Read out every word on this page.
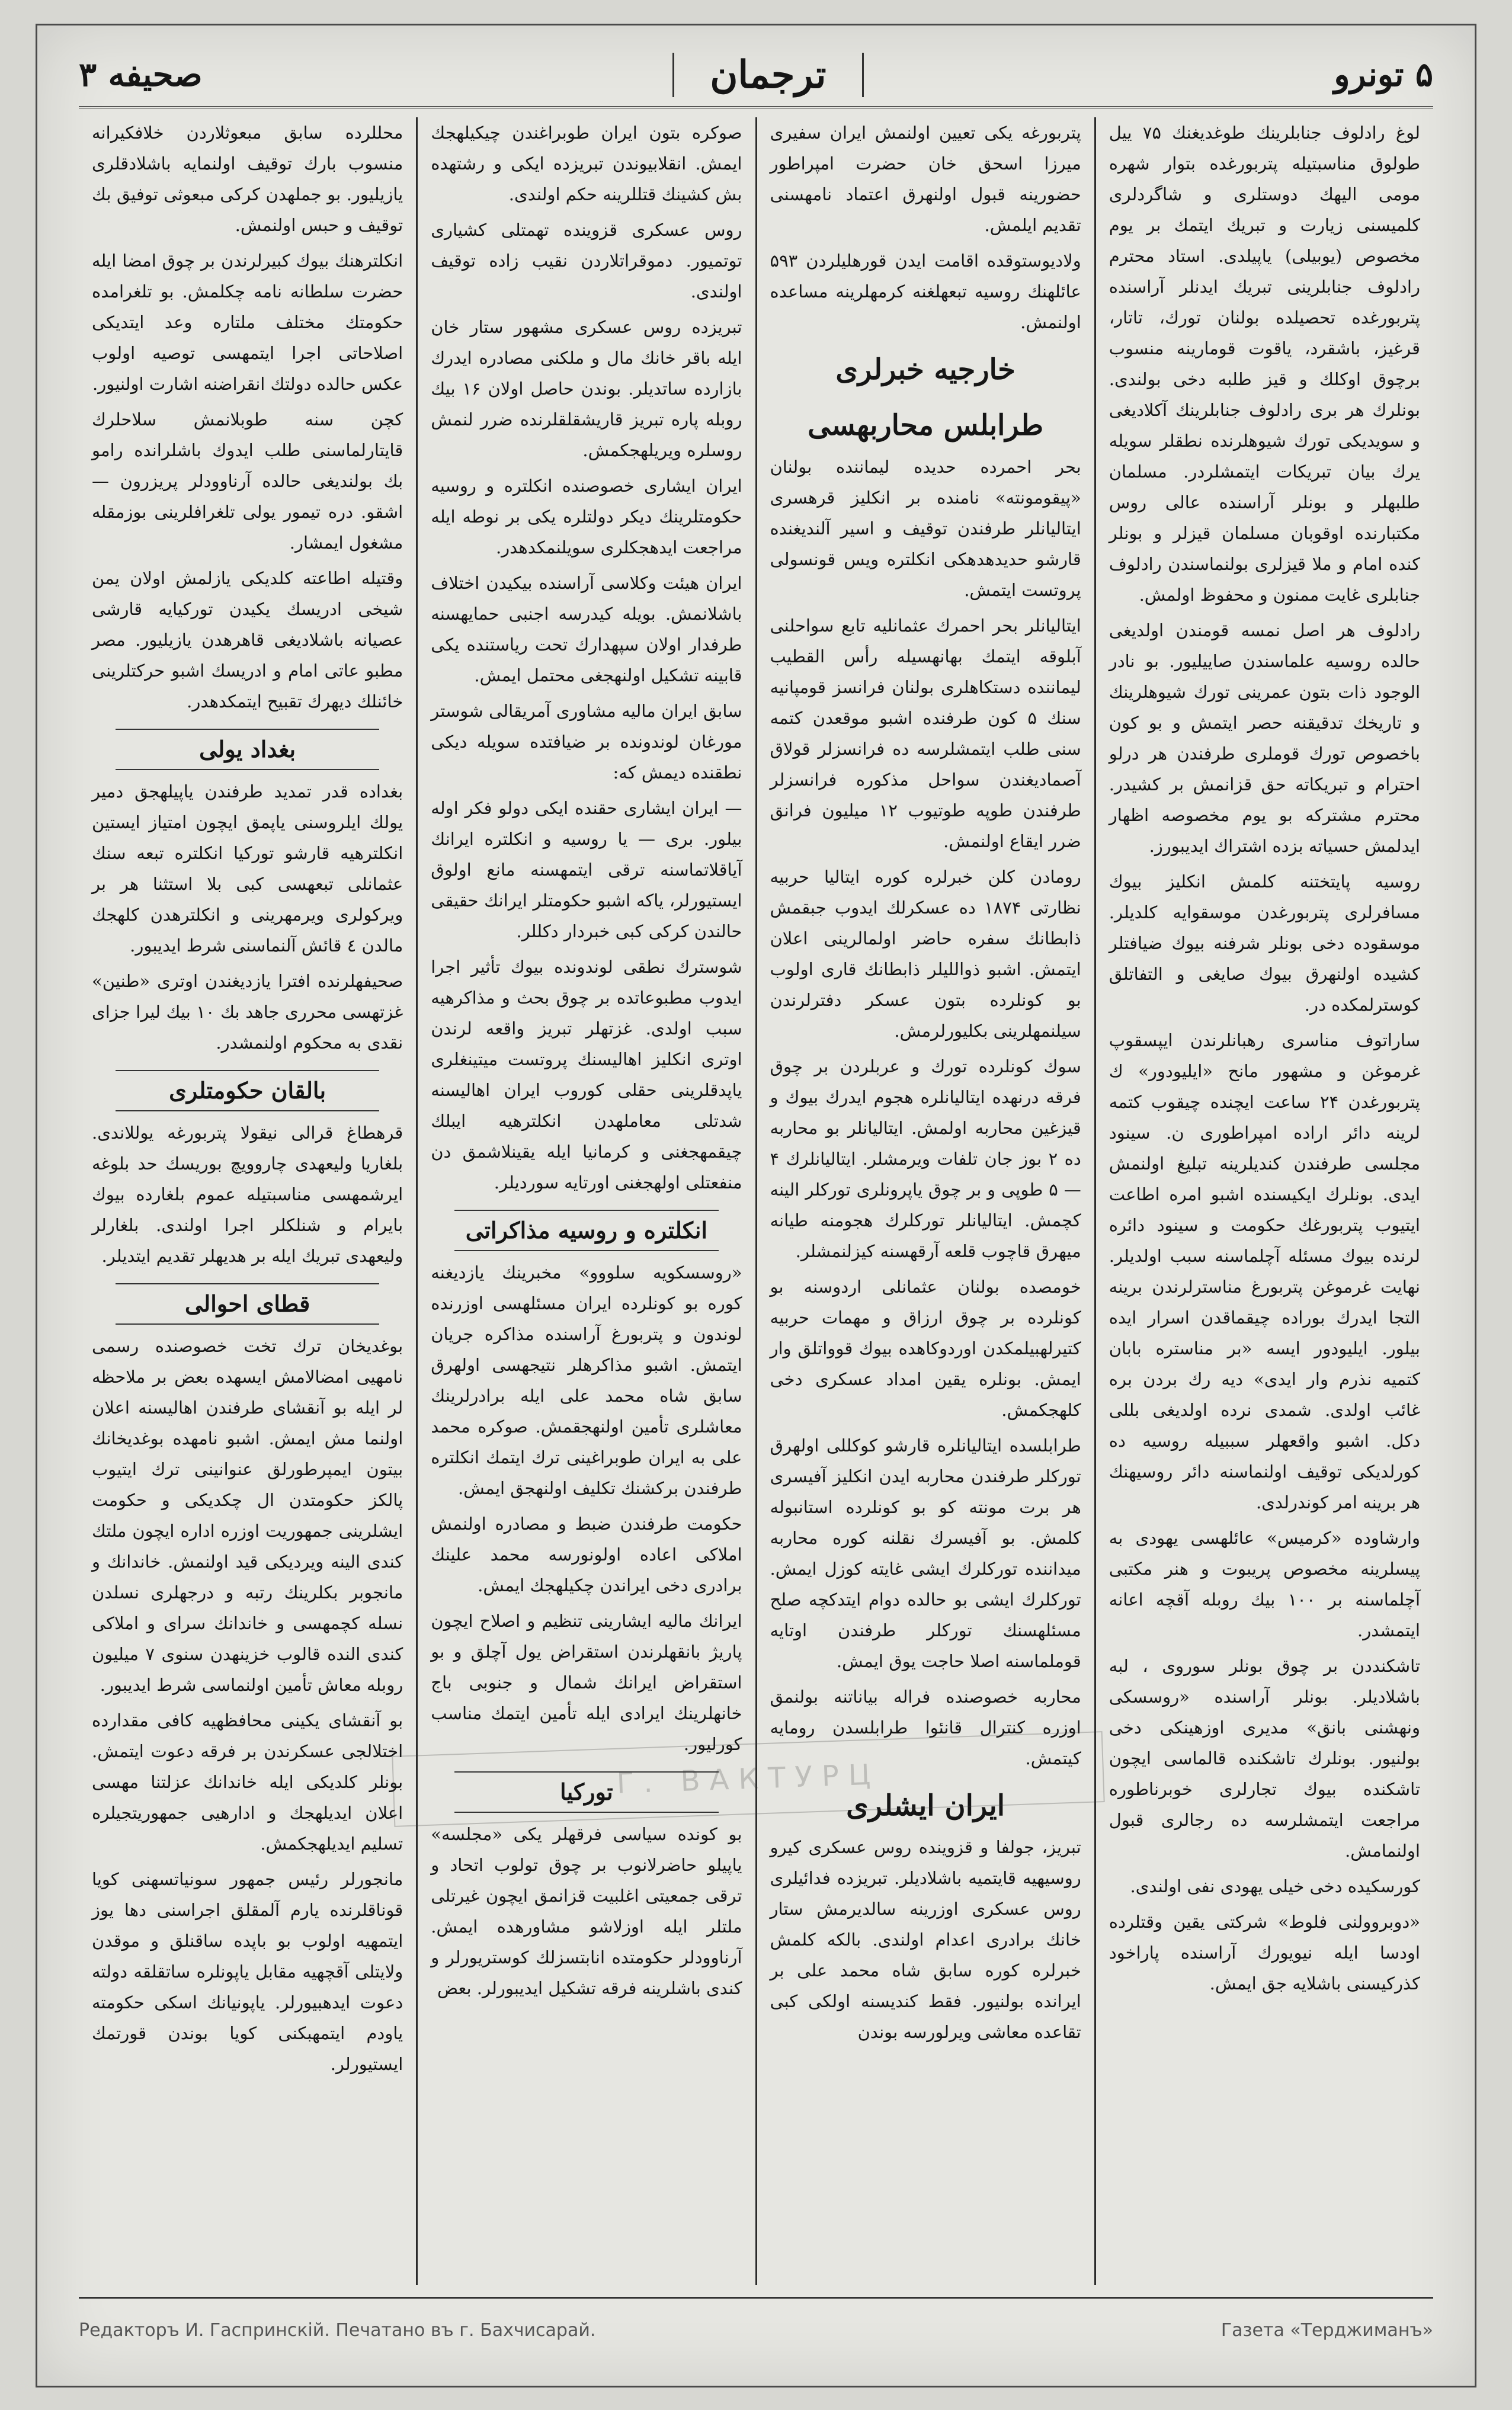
صحیفه ۳	ترجمان	۵ تونرو
لوغ رادلوف جنابلرینك طوغدیغنك ۷۵ ییل طولوق مناسبتیله پتربورغده بتوار شهره مومی الیهك دوستلری و شاگردلری کلمیسنی زیارت و تبریك ایتمك بر یوم مخصوص (یوبیلی) یاپیلدی. استاد محترم رادلوف جنابلرینی تبریك ایدنلر آراسنده پتربورغده تحصیلده بولنان تورك، تاتار، قرغیز، باشقرد، یاقوت قومارینه منسوب برچوق اوکلك و قیز طلبه دخی بولندی. بونلرك هر بری رادلوف جنابلرینك آکلادیغی و سویدیکی تورك شیوهلرنده نطقلر سویله یرك بیان تبریکات ایتمشلردر. مسلمان طلبهلر و بونلر آراسنده عالی روس مکتبارنده اوقوبان مسلمان قیزلر و بونلر کنده امام و ملا قیزلری بولنماسندن رادلوف جنابلری غایت ممنون و محفوظ اولمش.
رادلوف هر اصل نمسه قومندن اولدیغی حالده روسیه علماسندن صاییلیور. بو نادر الوجود ذات بتون عمرینی تورك شیوهلرینك و تاریخك تدقیقنه حصر ایتمش و بو کون باخصوص تورك قوملری طرفندن هر درلو احترام و تبریکاته حق قزانمش بر کشیدر. محترم مشترکه بو یوم مخصوصه اظهار ایدلمش حسیاته بزده اشتراك ایدیبورز.
روسیه پایتختنه کلمش انکلیز بیوك مسافرلری پتربورغدن موسقوایه کلدیلر. موسقوده دخی بونلر شرفنه بیوك ضیافتلر کشیده اولنهرق بیوك صایغی و التفاتلق کوسترلمکده در.
ساراتوف مناسری رهبانلرندن ایپسقوپ غرموغن و مشهور مانح «ایلیودور» ك پتربورغدن ۲۴ ساعت ایچنده چیقوب کتمه لرینه دائر اراده امپراطوری ن. سینود مجلسی طرفندن کندیلرینه تبلیغ اولنمش ایدی. بونلرك ایکیسنده اشبو امره اطاعت ایتیوب پتربورغك حکومت و سینود دائره لرنده بیوك مسئله آچلماسنه سبب اولدیلر. نهایت غرموغن پتربورغ مناسترلرندن برینه التجا ایدرك بوراده چیقماقدن اسرار ایده بیلور. ایلیودور ایسه «بر مناستره بابان کتمیه نذرم وار ایدی» دیه رك بردن بره غائب اولدی. شمدی نرده اولدیغی بللی دکل. اشبو واقعهلر سببیله روسیه ده کورلدیکی توقیف اولنماسنه دائر روسیهنك هر برینه امر کوندرلدی.
وارشاوده «کرمیس» عائلهسی یهودی به پیسلرینه مخصوص پریبوت و هنر مکتبی آچلماسنه بر ۱۰۰ بیك روبله آقچه اعانه ایتمشدر.
تاشکنددن بر چوق بونلر سوروی ، لبه باشلادیلر. بونلر آراسنده «روسسکی ونهشنی بانق» مدیری اوزهینکی دخی بولنیور. بونلرك تاشکنده قالماسی ایچون تاشکنده بیوك تجارلری خوبرناطوره مراجعت ایتمشلرسه ده رجالری قبول اولنمامش.
کورسکیده دخی خیلی یهودی نفی اولندی.
«دوبروولنی فلوط» شرکتی یقین وقتلرده اودسا ایله نیویورك آراسنده پاراخود کذرکیسنی باشلایه جق ایمش.
پتربورغه یکی تعیین اولنمش ایران سفیری میرزا اسحق خان حضرت امپراطور حضورینه قبول اولنهرق اعتماد نامهسنی تقدیم ایلمش.
ولادیوستوقده اقامت ایدن قورهلیلردن ۵۹۳ عائلهنك روسیه تبعهلغنه کرمهلرینه مساعده اولنمش.
خارجیه خبرلری
طرابلس محاربهسی
بحر احمرده حدیده لیماننده بولنان «پیقومونته» نامنده بر انکلیز قرهسری ایتالیانلر طرفندن توقیف و اسیر آلندیغنده قارشو حدیدهدهکی انکلتره ویس قونسولی پروتست ایتمش.
ایتالیانلر بحر احمرك عثمانلیه تابع سواحلنی آبلوقه ایتمك بهانهسیله رأس القطیب لیماننده دستکاهلری بولنان فرانسز قومپانیه سنك ۵ کون طرفنده اشبو موقعدن کتمه سنی طلب ایتمشلرسه ده فرانسزلر قولاق آصمادیغندن سواحل مذکوره فرانسزلر طرفندن طوپه طوتیوب ۱۲ میلیون فرانق ضرر ایقاع اولنمش.
رومادن کلن خبرلره کوره ایتالیا حربیه نظارتی ۱۸۷۴ ده عسکرلك ایدوب جبقمش ذابطانك سفره حاضر اولمالرینی اعلان ایتمش. اشبو ذواللیلر ذابطانك قاری اولوب بو کونلرده بتون عسکر دفترلرندن سیلنمهلرینی بکلیورلرمش.
سوك کونلرده تورك و عربلردن بر چوق فرقه درنهده ایتالیانلره هجوم ایدرك بیوك و قیزغین محاربه اولمش. ایتالیانلر بو محاربه ده ۲ بوز جان تلفات ویرمشلر. ایتالیانلرك ۴ — ۵ طوپی و بر چوق یاپرونلری تورکلر الینه کچمش. ایتالیانلر تورکلرك هجومنه طیانه میهرق قاچوب قلعه آرقهسنه کیزلنمشلر.
خومصده بولنان عثمانلی اردوسنه بو کونلرده بر چوق ارزاق و مهمات حربیه کتیرلهبیلمکدن اوردوکاهده بیوك قوواتلق وار ایمش. بونلره یقین امداد عسکری دخی کلهجکمش.
طرابلسده ایتالیانلره قارشو کوکللی اولهرق تورکلر طرفندن محاربه ایدن انکلیز آفیسری هر برت مونته کو بو کونلرده استانبوله کلمش. بو آفیسرك نقلنه کوره محاربه میداننده تورکلرك ایشی غایته کوزل ایمش. تورکلرك ایشی بو حالده دوام ایتدکچه صلح مسئلهسنك تورکلر طرفندن اوتایه قوملماسنه اصلا حاجت یوق ایمش.
محاربه خصوصنده فراله بیاناتنه بولنمق اوزره کنترال قانئوا طرابلسدن رومایه کیتمش.
ایران ایشلری
تبریز، جولفا و قزوینده روس عسکری کیرو روسیهیه قایتمیه باشلادیلر. تبریزده فدائیلری روس عسکری اوزرینه سالدیرمش ستار خانك برادری اعدام اولندی. بالکه کلمش خبرلره کوره سابق شاه محمد علی بر ایرانده بولنیور. فقط کندیسنه اولکی کبی تقاعده معاشی ویرلورسه بوندن
صوکره بتون ایران طوبراغندن چیکیلهجك ایمش. انقلابیوندن تبریزده ایکی و رشتهده بش کشینك قتللرینه حکم اولندی.
روس عسکری قزوینده تهمتلی کشیاری توتمیور. دموقراتلاردن نقیب زاده توقیف اولندی.
تبریزده روس عسکری مشهور ستار خان ایله باقر خانك مال و ملکنی مصادره ایدرك بازارده ساتدیلر. بوندن حاصل اولان ۱۶ بیك روبله پاره تبریز قاریشقلقلرنده ضرر لنمش روسلره ویریلهجکمش.
ایران ایشاری خصوصنده انکلتره و روسیه حکومتلرینك دیکر دولتلره یکی بر نوطه ایله مراجعت ایدهجکلری سویلنمکدهدر.
ایران هیئت وکلاسی آراسنده بیکیدن اختلاف باشلانمش. بویله کیدرسه اجنبی حمایهسنه طرفدار اولان سپهدارك تحت ریاستنده یکی قابینه تشکیل اولنهجغی محتمل ایمش.
سابق ایران مالیه مشاوری آمریقالی شوستر مورغان لوندونده بر ضیافتده سویله دیکی نطقنده دیمش که:
— ایران ایشاری حقنده ایکی دولو فکر اوله بیلور. بری — یا روسیه و انکلتره ایرانك آیاقلاتماسنه ترقی ایتمهسنه مانع اولوق ایستیورلر، یاکه اشبو حکومتلر ایرانك حقیقی حالندن کرکی کبی خبردار دکللر.
شوسترك نطقی لوندونده بیوك تأثیر اجرا ایدوب مطبوعاتده بر چوق بحث و مذاکرهیه سبب اولدی. غزتهلر تبریز واقعه لرندن اوتری انکلیز اهالیسنك پروتست میتینغلری یاپدقلرینی حقلی کوروب ایران اهالیسنه شدتلی معاملهدن انکلترهیه ایبلك چیقمهجغنی و کرمانیا ایله یقینلاشمق دن منفعتلی اولهجغنی اورتایه سوردیلر.
انکلتره و روسیه مذاکراتی
«روسسکویه سلووو» مخبرینك یازدیغنه کوره بو کونلرده ایران مسئلهسی اوزرنده لوندون و پتربورغ آراسنده مذاکره جریان ایتمش. اشبو مذاکرهلر نتیجهسی اولهرق سابق شاه محمد علی ایله برادرلرینك معاشلری تأمین اولنهجقمش. صوکره محمد علی به ایران طوبراغینی ترك ایتمك انکلتره طرفندن برکشنك تکلیف اولنهجق ایمش.
حکومت طرفندن ضبط و مصادره اولنمش املاکی اعاده اولونورسه محمد علینك برادری دخی ایراندن چکیلهجك ایمش.
ایرانك مالیه ایشارینی تنظیم و اصلاح ایچون پاریژ بانقهلرندن استقراض یول آچلق و بو استقراض ایرانك شمال و جنوبی باج خانهلرینك ایرادی ایله تأمین ایتمك مناسب کورلیور.
تورکیا
بو کونده سیاسی فرقهلر یکی «مجلسه» یاپیلو حاضرلانوب بر چوق تولوب اتحاد و ترقی جمعیتی اغلبیت قزانمق ایچون غیرتلی ملتلر ایله اوزلاشو مشاورهده ایمش. آرناوودلر حکومتده انابتسزلك کوستریورلر و کندی باشلرینه فرقه تشکیل ایدیبورلر. بعض
محللرده سابق مبعوثلاردن خلافکیرانه منسوب بارك توقیف اولنمایه باشلادقلری یازیلیور. بو جملهدن کرکی مبعوثی توفیق بك توقیف و حبس اولنمش.
انکلترهنك بیوك کبیرلرندن بر چوق امضا ایله حضرت سلطانه نامه چکلمش. بو تلغرامده حکومتك مختلف ملتاره وعد ایتدیکی اصلاحاتی اجرا ایتمهسی توصیه اولوب عکس حالده دولتك انقراضنه اشارت اولنیور.
کچن سنه طوبلانمش سلاحلرك قایتارلماسنی طلب ایدوك باشلرانده رامو بك بولندیغی حالده آرناوودلر پریزرون — اشقو. دره تیمور یولی تلغرافلرینی بوزمقله مشغول ایمشار.
وقتیله اطاعته کلدیکی یازلمش اولان یمن شیخی ادریسك یکیدن تورکیایه قارشی عصیانه باشلادیغی قاهرهدن یازیلیور. مصر مطبو عاتی امام و ادریسك اشبو حرکتلرینی خائنلك دیهرك تقبیح ایتمکدهدر.
بغداد یولی
بغداده قدر تمدید طرفندن یاپیلهجق دمیر یولك ایلروسنی یاپمق ایچون امتیاز ایستین انکلترهیه قارشو تورکیا انکلتره تبعه سنك عثمانلی تبعهسی کبی بلا استثنا هر بر ویرکولری ویرمهرینی و انکلترهدن کلهجك مالدن ٤ قائش آلنماسنی شرط ایدیبور.
صحیفهلرنده افترا یازدیغندن اوتری «طنین» غزتهسی محرری جاهد بك ۱۰ بیك لیرا جزای نقدی به محکوم اولنمشدر.
بالقان حکومتلری
قرهطاغ قرالی نیقولا پتربورغه یوللاندی. بلغاریا ولیعهدی چاروویچ بوریسك حد بلوغه ایرشمهسی مناسبتیله عموم بلغارده بیوك بایرام و شنلکلر اجرا اولندی. بلغارلر ولیعهدی تبریك ایله بر هدیهلر تقدیم ایتدیلر.
قطای احوالی
بوغدیخان ترك تخت خصوصنده رسمی نامهیی امضالامش ایسهده بعض بر ملاحظه لر ایله بو آنقشای طرفندن اهالیسنه اعلان اولنما مش ایمش. اشبو نامهده بوغدیخانك بیتون ایمپرطورلق عنوانینی ترك ایتیوب پالکز حکومتدن ال چکدیکی و حکومت ایشلرینی جمهوریت اوزره اداره ایچون ملتك کندی الینه ویردیکی قید اولنمش. خاندانك و مانجوبر بکلرینك رتبه و درجهلری نسلدن نسله کچمهسی و خاندانك سرای و املاکی کندی النده قالوب خزینهدن سنوی ۷ میلیون روبله معاش تأمین اولنماسی شرط ایدیبور.
بو آنقشای یکینی محافظهیه کافی مقدارده اختلالجی عسکرندن بر فرقه دعوت ایتمش. بونلر کلدیکی ایله خاندانك عزلتنا مهسی اعلان ایدیلهجك و ادارهیی جمهوریتجیلره تسلیم ایدیلهجکمش.
مانجورلر رئیس جمهور سونیاتسهنی کویا قوناقلرنده یارم آلمقلق اجراسنی دها یوز ایتمهیه اولوب بو باپده ساقنلق و موقدن ولایتلی آقچهیه مقابل یاپونلره ساتقلقه دولته دعوت ایدهبیورلر. یاپونیانك اسکی حکومته یاودم ایتمهبکنی کویا بوندن قورتمك ایستیورلر.
Г. ВАКТУРЦ
Редакторъ И. Гаспринскій. Печатано въ г. Бахчисарай.	Газета «Терджиманъ»
